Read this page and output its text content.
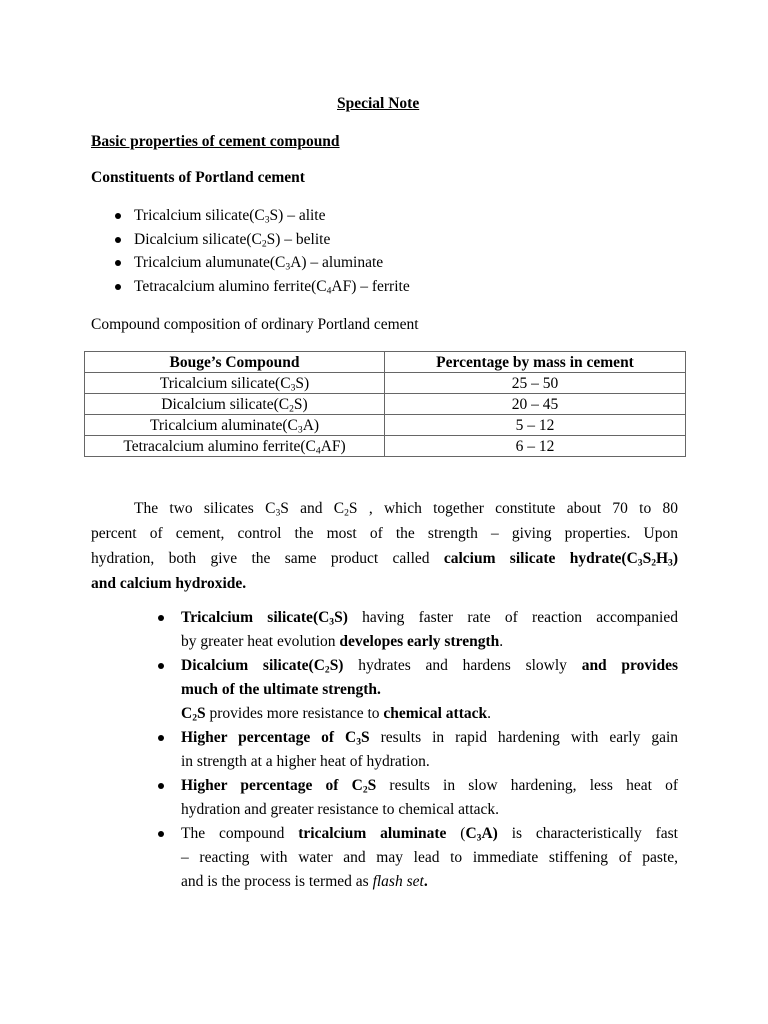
Special Note
Basic properties of cement compound
Constituents of Portland cement
Tricalcium $silicate(C_3S)$ – alite
Dicalcium $silicate(C_2S)$ – belite
Tricalcium $alumunate(C_3A)$ – aluminate
Tetracalcium alumino $ferrite(C_4AF)$ – ferrite
Compound composition of ordinary Portland cement
Bouge’s Compound	Percentage by mass in cement
Tricalcium $silicate(C_3S)$	25 – 50
Dicalcium $silicate(C_2S)$	20 – 45
Tricalcium $aluminate(C_3A)$	5 – 12
Tetracalcium alumino $ferrite(C_4AF)$	6 – 12
The two silicates $C_3S$ and $C_2S$ , which together constitute about 70 to 80
percent of cement, control the most of the strength – giving properties. Upon
hydration, both give the same product called calcium silicate $hydrate(C_3S_2H_3)$
and calcium hydroxide.
Tricalcium $silicate(C_3S)$ having faster rate of reaction accompanied
by greater heat evolution developes early strength.
Dicalcium $silicate(C_2S)$ hydrates and hardens slowly and provides
much of the ultimate strength.
$C_2S$ provides more resistance to chemical attack.
Higher percentage of $C_3S$ results in rapid hardening with early gain
in strength at a higher heat of hydration.
Higher percentage of $C_2S$ results in slow hardening, less heat of
hydration and greater resistance to chemical attack.
The compound tricalcium aluminate $(C_3A)$ is characteristically fast
– reacting with water and may lead to immediate stiffening of paste,
and is the process is termed as flash set.
